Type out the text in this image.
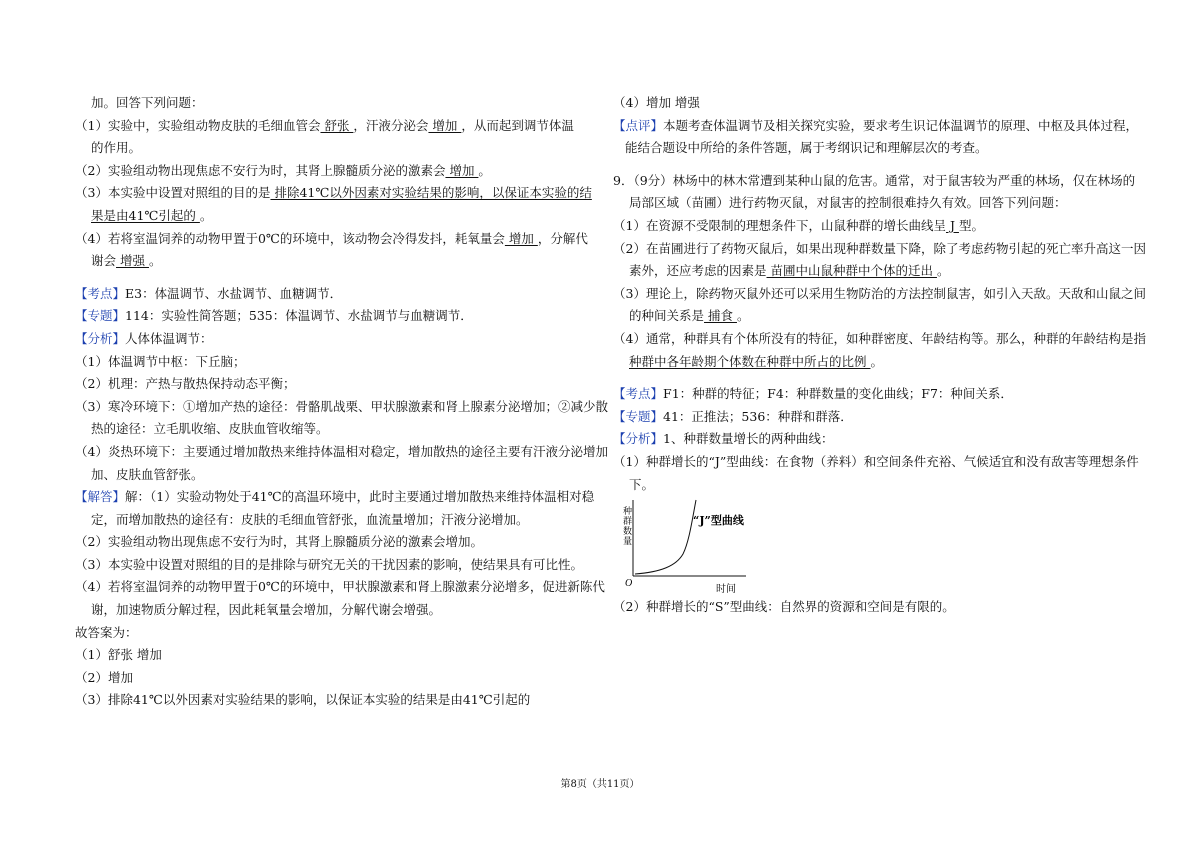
加。回答下列问题：
（1）实验中，实验组动物皮肤的毛细血管会 舒张 ，汗液分泌会 增加 ，从而起到调节体温
的作用。
（2）实验组动物出现焦虑不安行为时，其肾上腺髓质分泌的激素会 增加 。
（3）本实验中设置对照组的目的是 排除41℃以外因素对实验结果的影响，以保证本实验的结
果是由41℃引起的 。
（4）若将室温饲养的动物甲置于0℃的环境中，该动物会冷得发抖，耗氧量会 增加 ，分解代
谢会 增强 。
【考点】E3：体温调节、水盐调节、血糖调节．
【专题】114：实验性简答题；535：体温调节、水盐调节与血糖调节．
【分析】人体体温调节：
（1）体温调节中枢：下丘脑；
（2）机理：产热与散热保持动态平衡；
（3）寒冷环境下：①增加产热的途径：骨骼肌战栗、甲状腺激素和肾上腺素分泌增加；②减少散
热的途径：立毛肌收缩、皮肤血管收缩等。
（4）炎热环境下：主要通过增加散热来维持体温相对稳定，增加散热的途径主要有汗液分泌增加
加、皮肤血管舒张。
【解答】解：（1）实验动物处于41℃的高温环境中，此时主要通过增加散热来维持体温相对稳
定，而增加散热的途径有：皮肤的毛细血管舒张，血流量增加；汗液分泌增加。
（2）实验组动物出现焦虑不安行为时，其肾上腺髓质分泌的激素会增加。
（3）本实验中设置对照组的目的是排除与研究无关的干扰因素的影响，使结果具有可比性。
（4）若将室温饲养的动物甲置于0℃的环境中，甲状腺激素和肾上腺激素分泌增多，促进新陈代
谢，加速物质分解过程，因此耗氧量会增加，分解代谢会增强。
故答案为：
（1）舒张 增加
（2）增加
（3）排除41℃以外因素对实验结果的影响，以保证本实验的结果是由41℃引起的
（4）增加 增强
【点评】本题考查体温调节及相关探究实验，要求考生识记体温调节的原理、中枢及具体过程，
能结合题设中所给的条件答题，属于考纲识记和理解层次的考查。
9．（9分）林场中的林木常遭到某种山鼠的危害。通常，对于鼠害较为严重的林场，仅在林场的
局部区域（苗圃）进行药物灭鼠，对鼠害的控制很难持久有效。回答下列问题：
（1）在资源不受限制的理想条件下，山鼠种群的增长曲线呈 J 型。
（2）在苗圃进行了药物灭鼠后，如果出现种群数量下降，除了考虑药物引起的死亡率升高这一因
素外，还应考虑的因素是 苗圃中山鼠种群中个体的迁出 。
（3）理论上，除药物灭鼠外还可以采用生物防治的方法控制鼠害，如引入天敌。天敌和山鼠之间
的种间关系是 捕食 。
（4）通常，种群具有个体所没有的特征，如种群密度、年龄结构等。那么，种群的年龄结构是指
种群中各年龄期个体数在种群中所占的比例 。
【考点】F1：种群的特征；F4：种群数量的变化曲线；F7：种间关系．
【专题】41：正推法；536：种群和群落．
【分析】1、种群数量增长的两种曲线：
（1）种群增长的“J”型曲线：在食物（养料）和空间条件充裕、气候适宜和没有敌害等理想条件
下。
O
时间
种
群
数
量
“J”型曲线
（2）种群增长的“S”型曲线：自然界的资源和空间是有限的。
第8页（共11页）
